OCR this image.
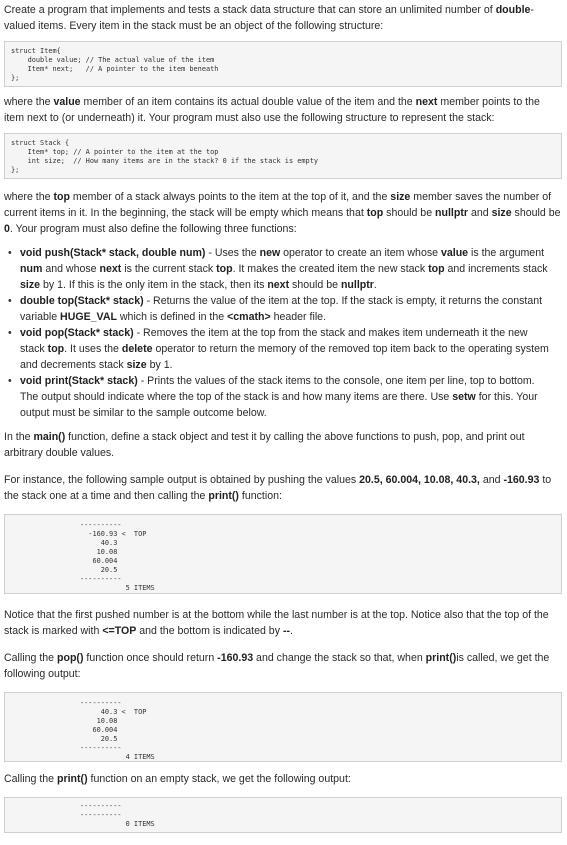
Create a program that implements and tests a stack data structure that can store an unlimited number of double-valued items. Every item in the stack must be an object of the following structure:

struct Item{
double value; // The actual value of the item
Item* next;   // A pointer to the item beneath
};

where the value member of an item contains its actual double value of the item and the next member points to the item next to (or underneath) it. Your program must also use the following structure to represent the stack:

struct Stack {
Item* top; // A pointer to the item at the top
int size;  // How many items are in the stack? 0 if the stack is empty
};

where the top member of a stack always points to the item at the top of it, and the size member saves the number of current items in it. In the beginning, the stack will be empty which means that top should be nullptr and size should be 0. Your program must also define the following three functions:

• void push(Stack* stack, double num) - Uses the new operator to create an item whose value is the argument num and whose next is the current stack top. It makes the created item the new stack top and increments stack size by 1. If this is the only item in the stack, then its next should be nullptr.
• double top(Stack* stack) - Returns the value of the item at the top. If the stack is empty, it returns the constant variable HUGE_VAL which is defined in the <cmath> header file.
• void pop(Stack* stack) - Removes the item at the top from the stack and makes item underneath it the new stack top. It uses the delete operator to return the memory of the removed top item back to the operating system and decrements stack size by 1.
• void print(Stack* stack) - Prints the values of the stack items to the console, one item per line, top to bottom. The output should indicate where the top of the stack is and how many items are there. Use setw for this. Your output must be similar to the sample outcome below.

In the main() function, define a stack object and test it by calling the above functions to push, pop, and print out arbitrary double values.

For instance, the following sample output is obtained by pushing the values 20.5, 60.004, 10.08, 40.3, and -160.93 to the stack one at a time and then calling the print() function:

----------
-160.93 <  TOP
40.3
10.08
60.004
20.5
----------
5 ITEMS

Notice that the first pushed number is at the bottom while the last number is at the top. Notice also that the top of the stack is marked with <=TOP and the bottom is indicated by --.

Calling the pop() function once should return -160.93 and change the stack so that, when print()is called, we get the following output:

----------
40.3 <  TOP
10.08
60.004
20.5
----------
4 ITEMS

Calling the print() function on an empty stack, we get the following output:

----------
----------
0 ITEMS
